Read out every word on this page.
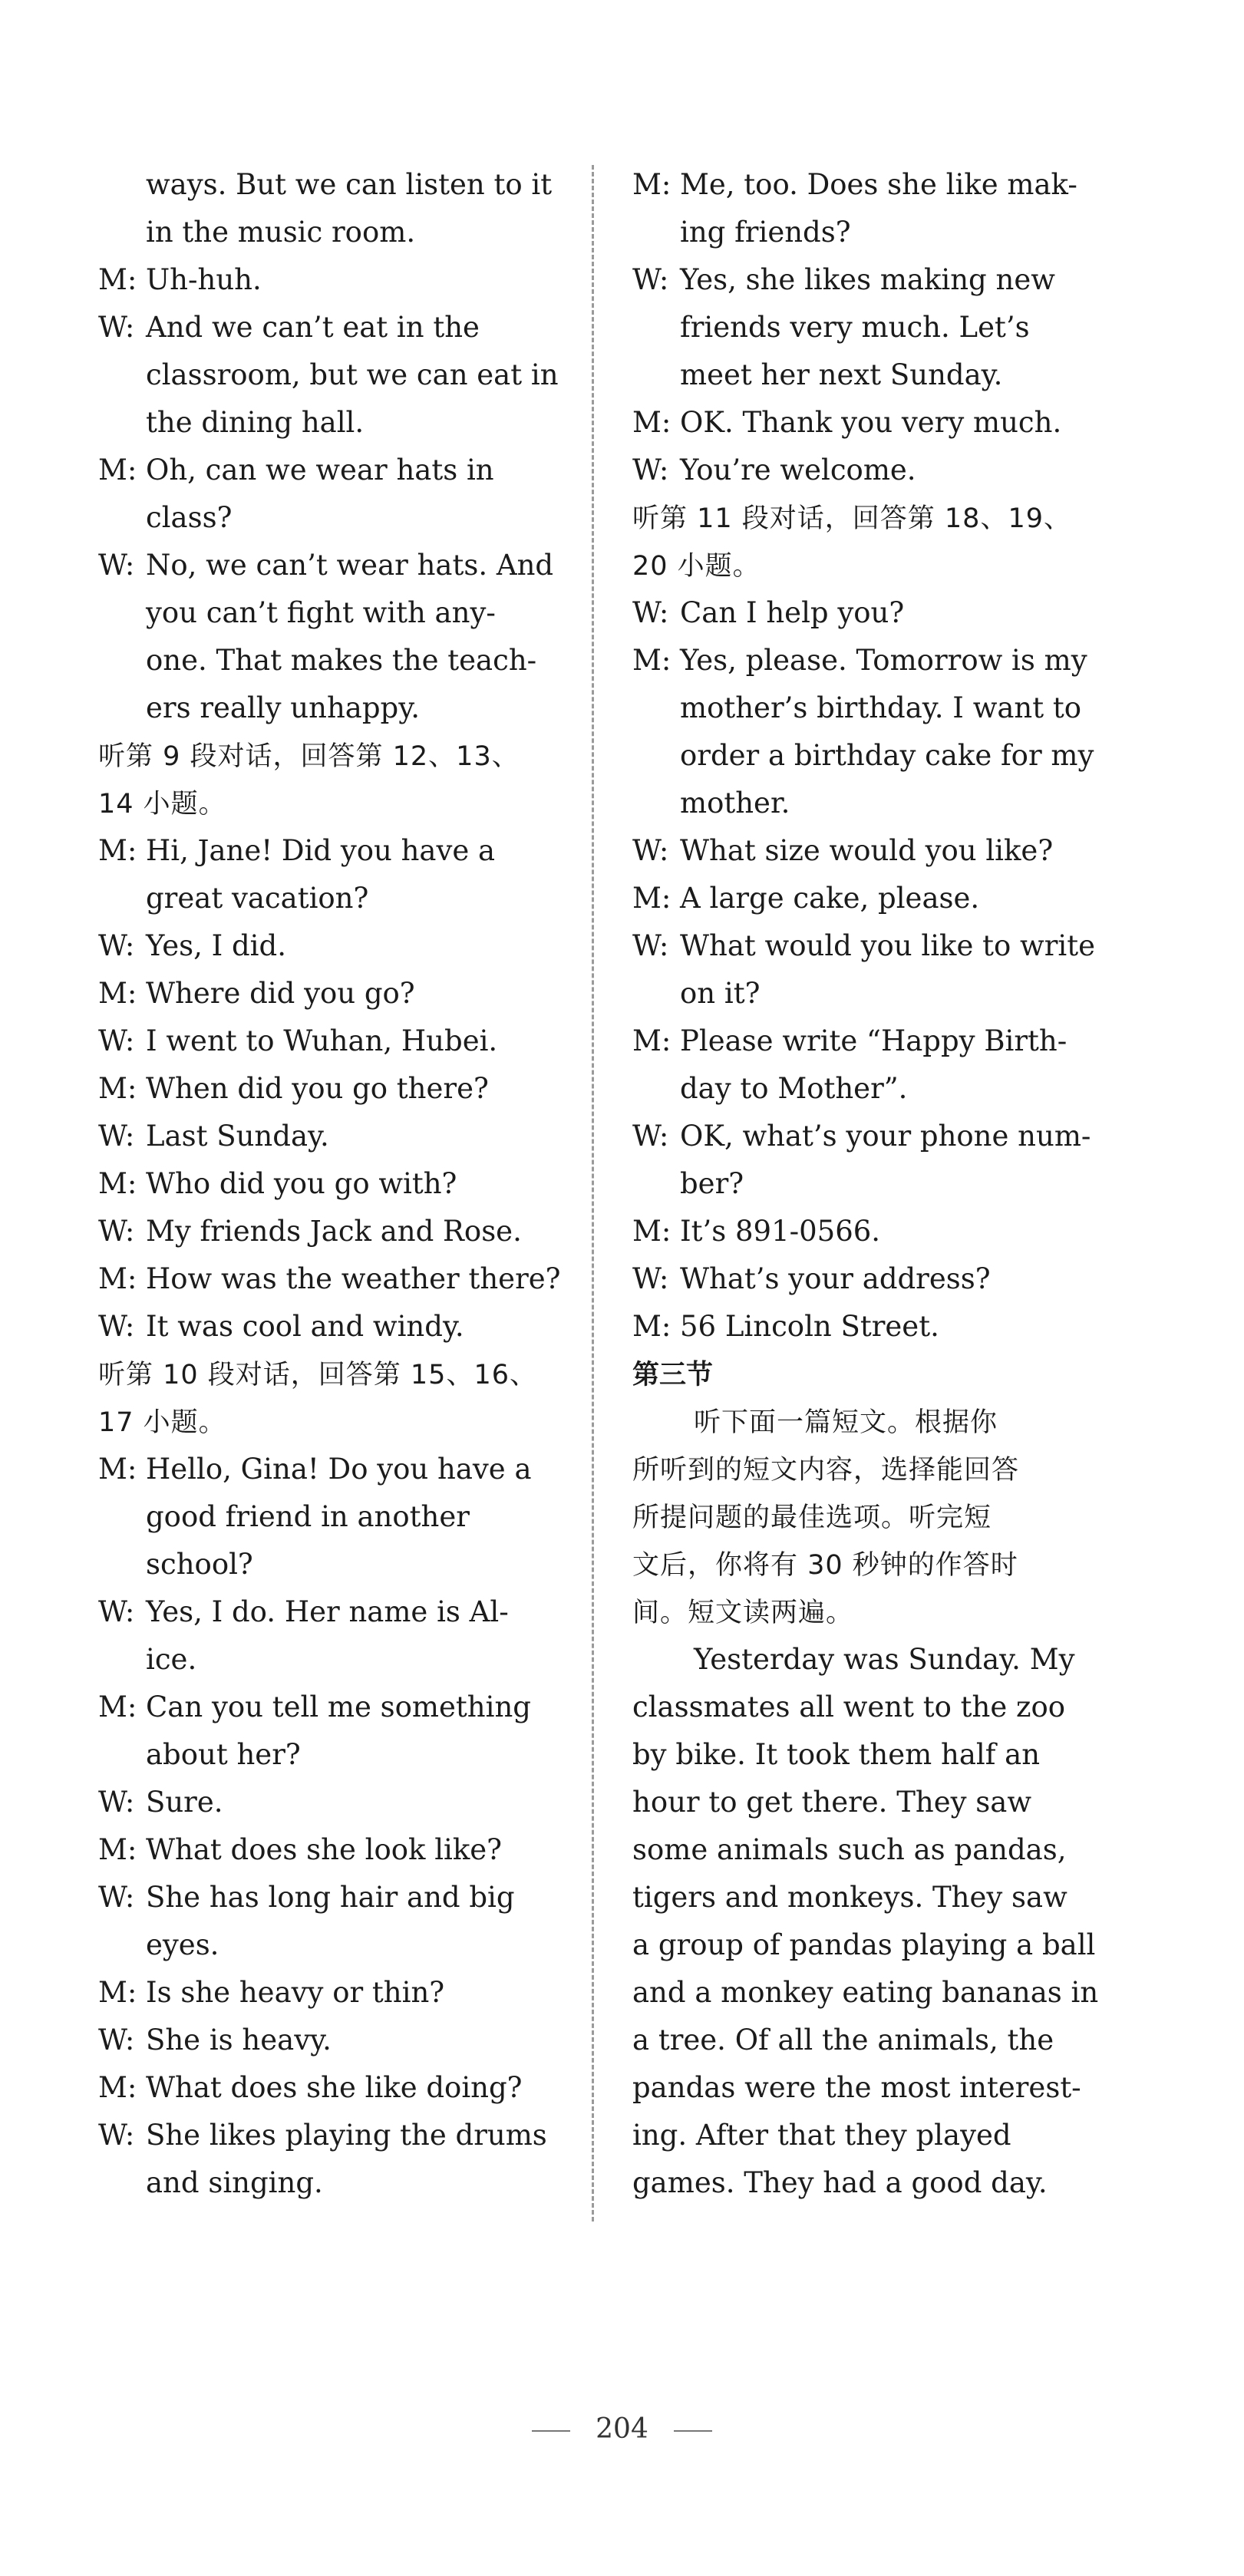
ways. But we can listen to it
in the music room.
M: Uh-huh.
W: And we can’t eat in the
classroom, but we can eat in
the dining hall.
M: Oh, can we wear hats in
class?
W: No, we can’t wear hats. And
you can’t fight with any-
one. That makes the teach-
ers really unhappy.
听第 9 段对话，回答第 12、13、
14 小题。
M: Hi, Jane! Did you have a
great vacation?
W: Yes, I did.
M: Where did you go?
W: I went to Wuhan, Hubei.
M: When did you go there?
W: Last Sunday.
M: Who did you go with?
W: My friends Jack and Rose.
M: How was the weather there?
W: It was cool and windy.
听第 10 段对话，回答第 15、16、
17 小题。
M: Hello, Gina! Do you have a
good friend in another
school?
W: Yes, I do. Her name is Al-
ice.
M: Can you tell me something
about her?
W: Sure.
M: What does she look like?
W: She has long hair and big
eyes.
M: Is she heavy or thin?
W: She is heavy.
M: What does she like doing?
W: She likes playing the drums
and singing.
M: Me, too. Does she like mak-
ing friends?
W: Yes, she likes making new
friends very much. Let’s
meet her next Sunday.
M: OK. Thank you very much.
W: You’re welcome.
听第 11 段对话，回答第 18、19、
20 小题。
W: Can I help you?
M: Yes, please. Tomorrow is my
mother’s birthday. I want to
order a birthday cake for my
mother.
W: What size would you like?
M: A large cake, please.
W: What would you like to write
on it?
M: Please write “Happy Birth-
day to Mother”.
W: OK, what’s your phone num-
ber?
M: It’s 891-0566.
W: What’s your address?
M: 56 Lincoln Street.
第三节
听下面一篇短文。根据你
所听到的短文内容，选择能回答
所提问题的最佳选项。听完短
文后，你将有 30 秒钟的作答时
间。短文读两遍。
Yesterday was Sunday. My
classmates all went to the zoo
by bike. It took them half an
hour to get there. They saw
some animals such as pandas,
tigers and monkeys. They saw
a group of pandas playing a ball
and a monkey eating bananas in
a tree. Of all the animals, the
pandas were the most interest-
ing. After that they played
games. They had a good day.
204
